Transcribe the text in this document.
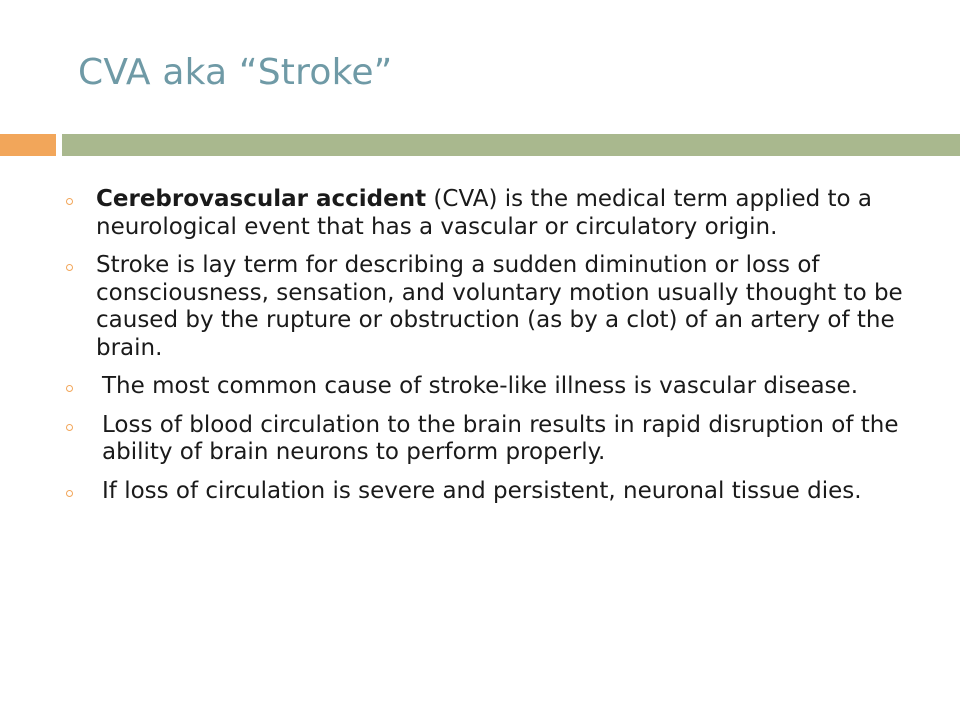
CVA aka “Stroke”
Cerebrovascular accident (CVA) is the medical term applied to a neurological event that has a vascular or circulatory origin.
Stroke is lay term for describing a sudden diminution or loss of consciousness, sensation, and voluntary motion usually thought to be caused by the rupture or obstruction (as by a clot) of an artery of the brain.
The most common cause of stroke-like illness is vascular disease.
Loss of blood circulation to the brain results in rapid disruption of the ability of brain neurons to perform properly.
If loss of circulation is severe and persistent, neuronal tissue dies.
